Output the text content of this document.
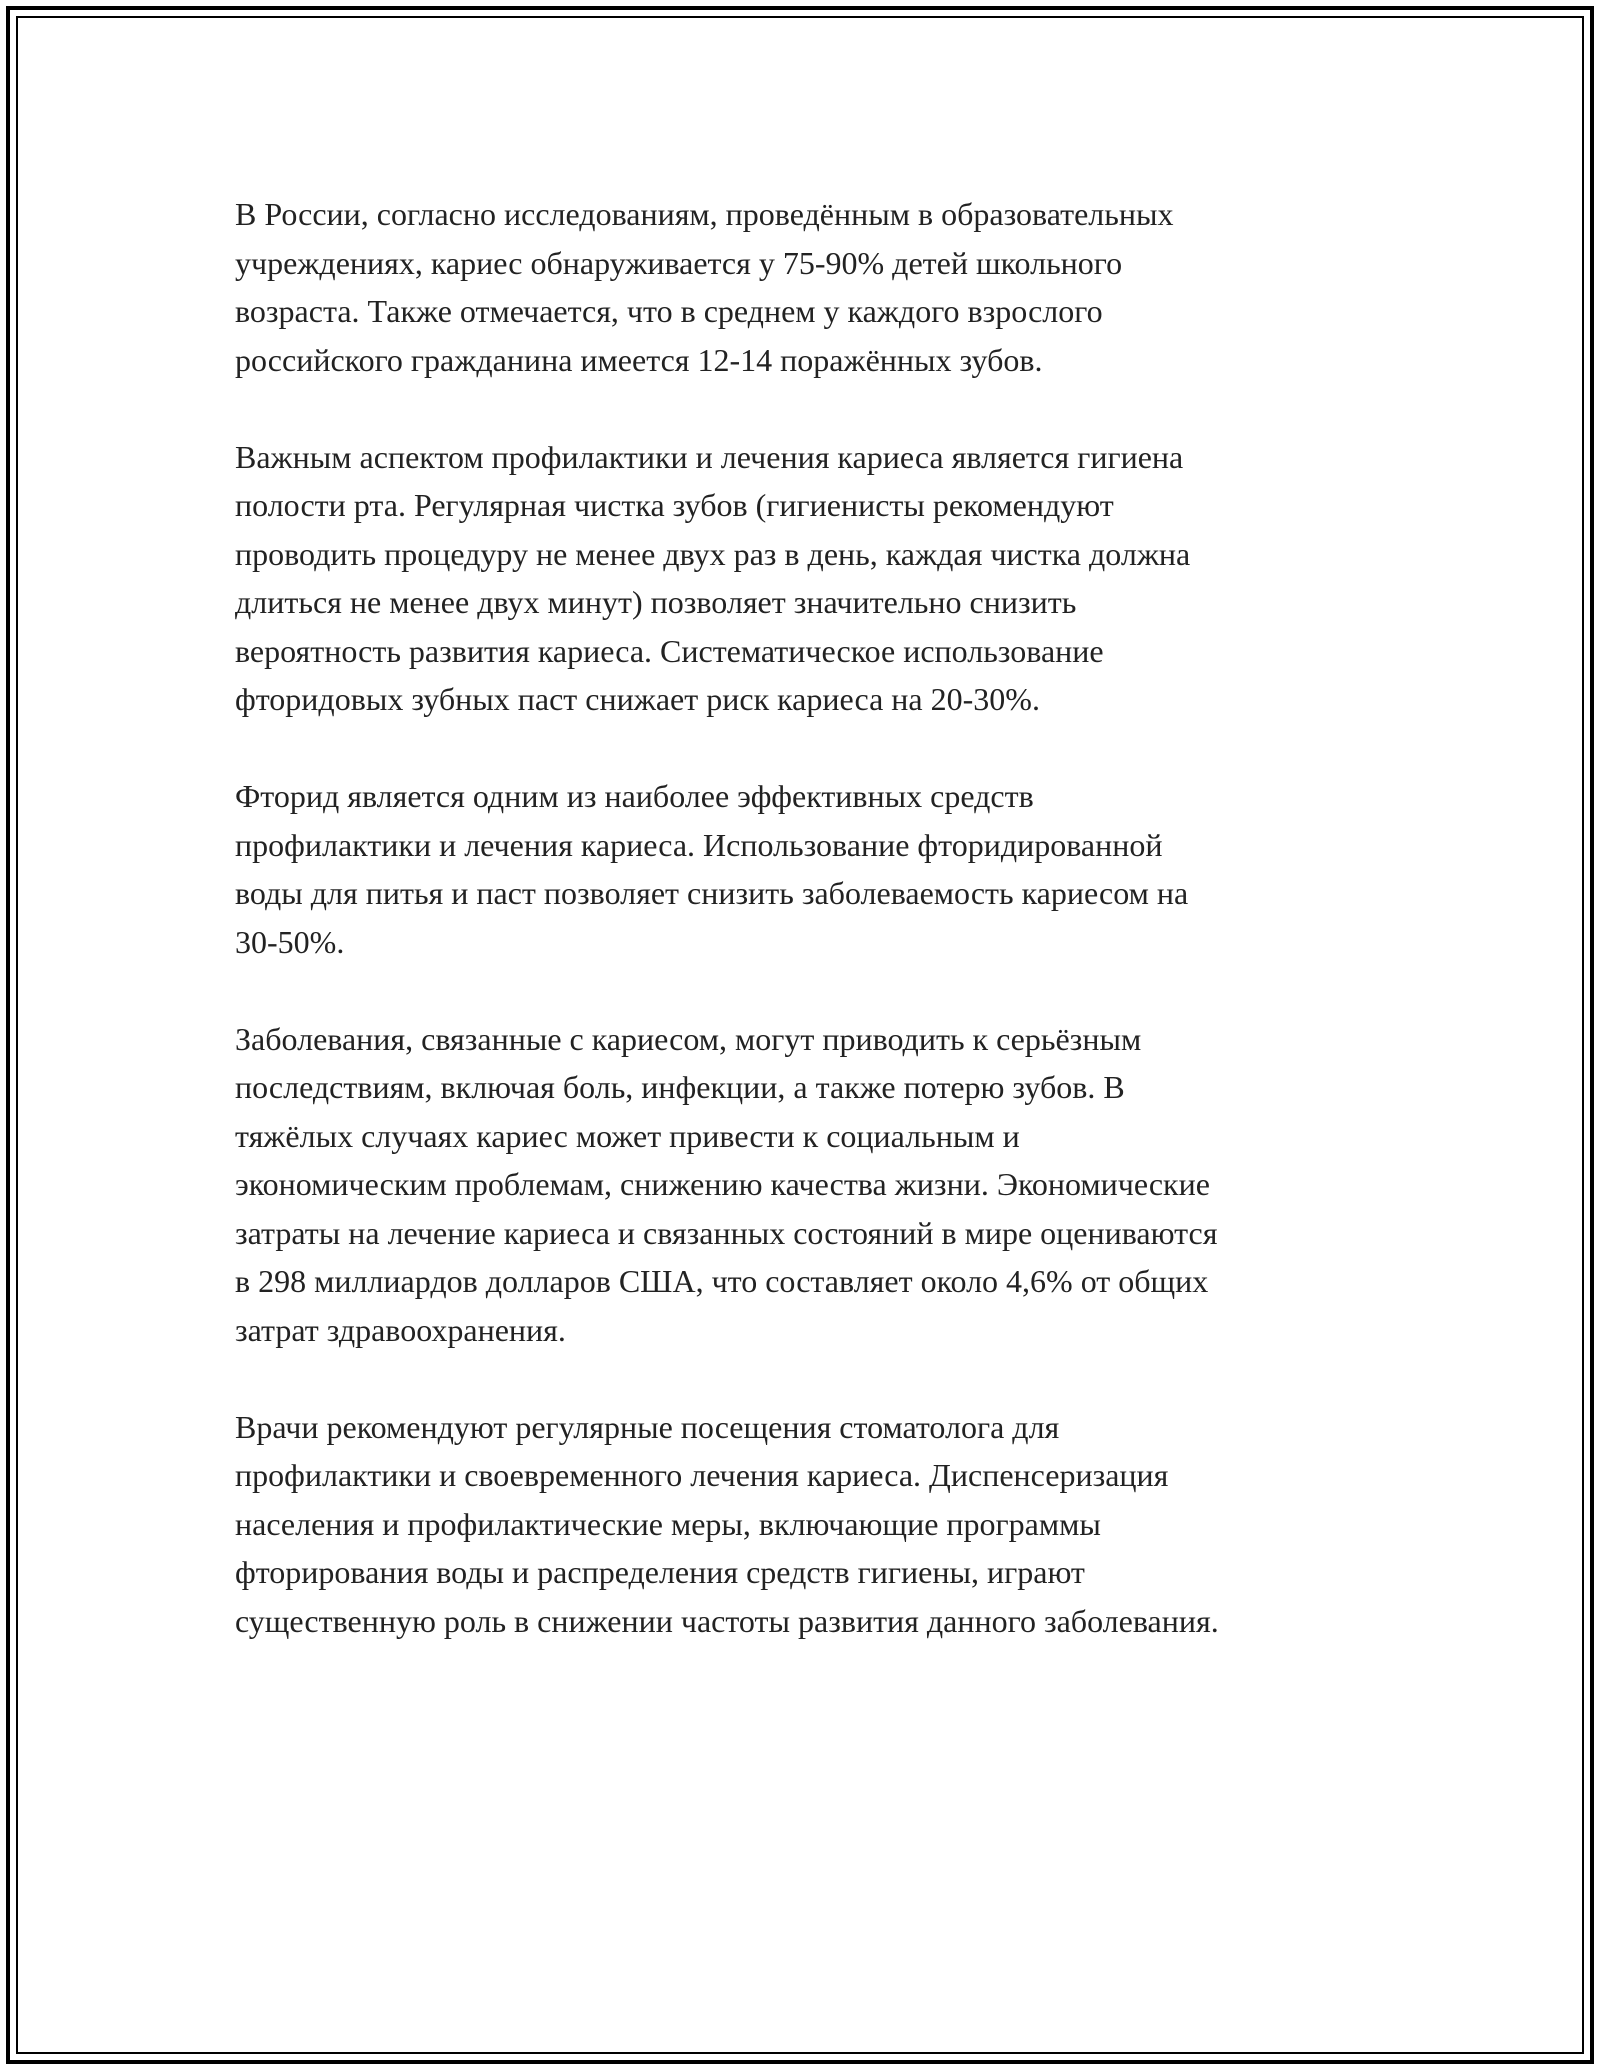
В России, согласно исследованиям, проведённым в образовательных
учреждениях, кариес обнаруживается у 75-90% детей школьного
возраста. Также отмечается, что в среднем у каждого взрослого
российского гражданина имеется 12-14 поражённых зубов.

Важным аспектом профилактики и лечения кариеса является гигиена
полости рта. Регулярная чистка зубов (гигиенисты рекомендуют
проводить процедуру не менее двух раз в день, каждая чистка должна
длиться не менее двух минут) позволяет значительно снизить
вероятность развития кариеса. Систематическое использование
фторидовых зубных паст снижает риск кариеса на 20-30%.

Фторид является одним из наиболее эффективных средств
профилактики и лечения кариеса. Использование фторидированной
воды для питья и паст позволяет снизить заболеваемость кариесом на
30-50%.

Заболевания, связанные с кариесом, могут приводить к серьёзным
последствиям, включая боль, инфекции, а также потерю зубов. В
тяжёлых случаях кариес может привести к социальным и
экономическим проблемам, снижению качества жизни. Экономические
затраты на лечение кариеса и связанных состояний в мире оцениваются
в 298 миллиардов долларов США, что составляет около 4,6% от общих
затрат здравоохранения.

Врачи рекомендуют регулярные посещения стоматолога для
профилактики и своевременного лечения кариеса. Диспенсеризация
населения и профилактические меры, включающие программы
фторирования воды и распределения средств гигиены, играют
существенную роль в снижении частоты развития данного заболевания.
